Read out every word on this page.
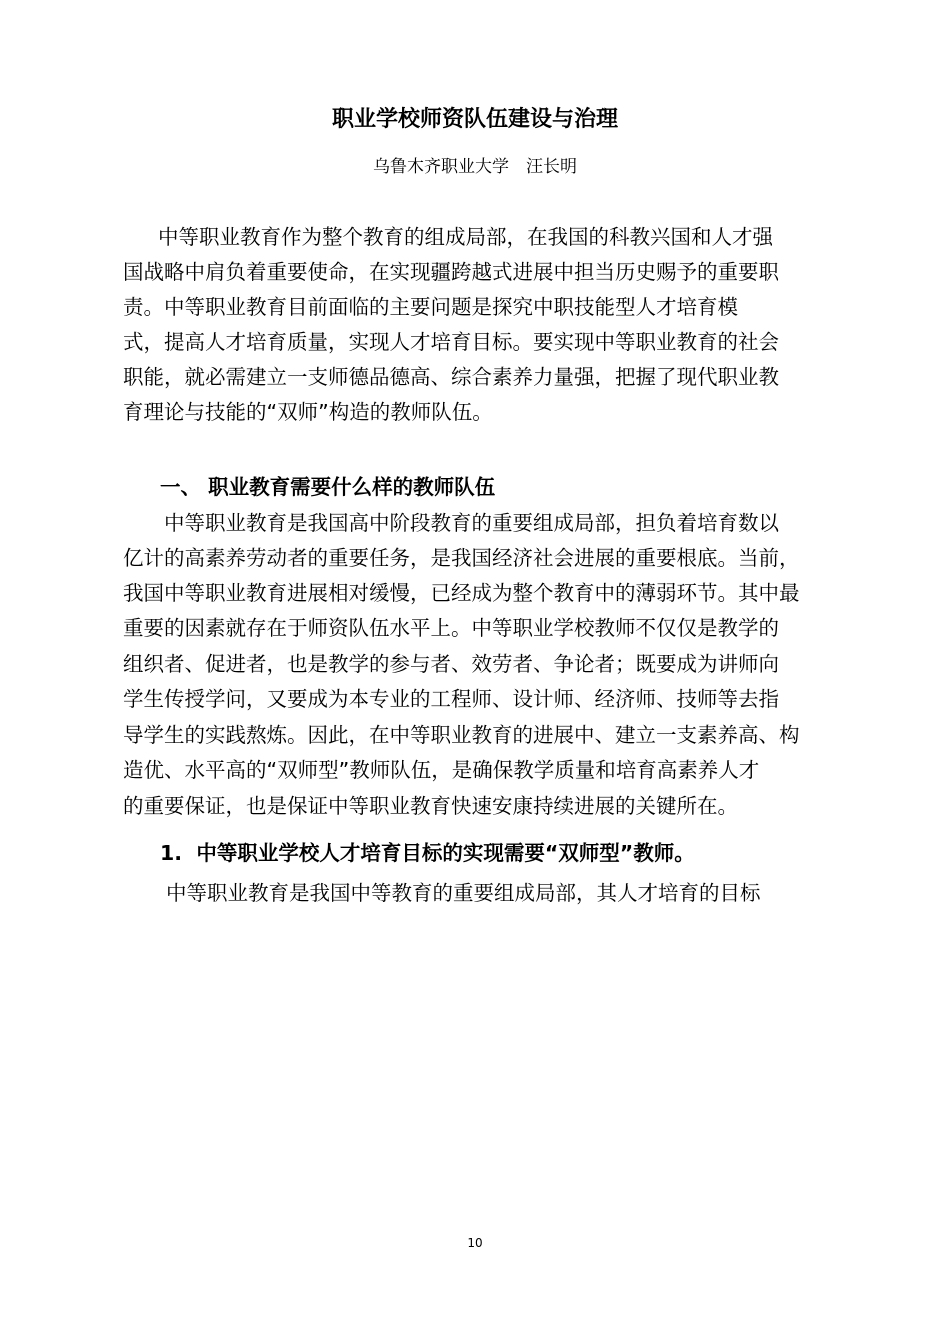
职业学校师资队伍建设与治理
乌鲁木齐职业大学　汪长明
中等职业教育作为整个教育的组成局部，在我国的科教兴国和人才强
国战略中肩负着重要使命，在实现疆跨越式进展中担当历史赐予的重要职
责。中等职业教育目前面临的主要问题是探究中职技能型人才培育模
式，提高人才培育质量，实现人才培育目标。要实现中等职业教育的社会
职能，就必需建立一支师德品德高、综合素养力量强，把握了现代职业教
育理论与技能的“双师”构造的教师队伍。
一、 职业教育需要什么样的教师队伍
中等职业教育是我国高中阶段教育的重要组成局部，担负着培育数以
亿计的高素养劳动者的重要任务，是我国经济社会进展的重要根底。当前，
我国中等职业教育进展相对缓慢，已经成为整个教育中的薄弱环节。其中最
重要的因素就存在于师资队伍水平上。中等职业学校教师不仅仅是教学的
组织者、促进者，也是教学的参与者、效劳者、争论者；既要成为讲师向
学生传授学问，又要成为本专业的工程师、设计师、经济师、技师等去指
导学生的实践熬炼。因此，在中等职业教育的进展中、建立一支素养高、构
造优、水平高的“双师型”教师队伍，是确保教学质量和培育高素养人才
的重要保证，也是保证中等职业教育快速安康持续进展的关键所在。
1.  中等职业学校人才培育目标的实现需要“双师型”教师。
中等职业教育是我国中等教育的重要组成局部，其人才培育的目标
10
